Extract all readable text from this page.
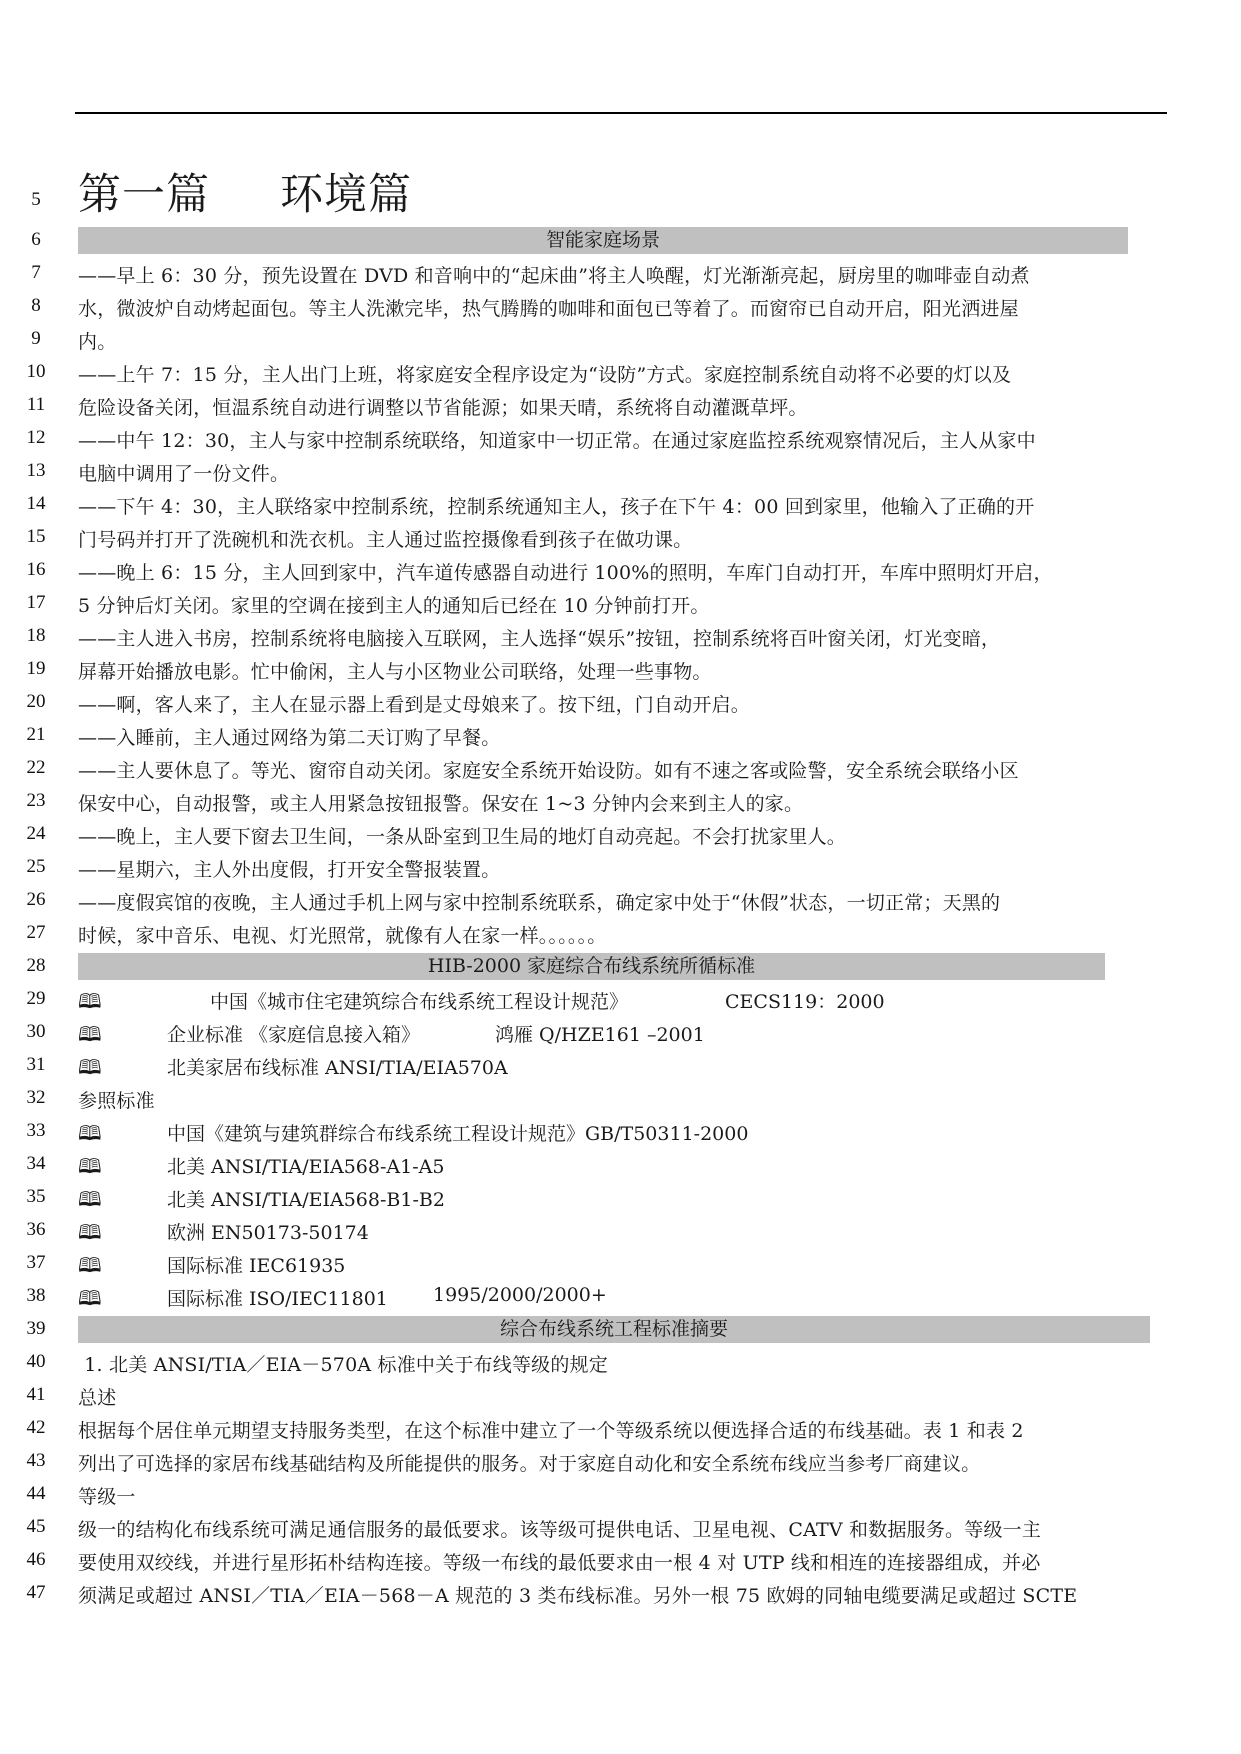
5 第一篇 环境篇
6	智能家庭场景
7	——早上 6：30 分，预先设置在 DVD 和音响中的“起床曲”将主人唤醒，灯光渐渐亮起，厨房里的咖啡壶自动煮
8	水，微波炉自动烤起面包。等主人洗漱完毕，热气腾腾的咖啡和面包已等着了。而窗帘已自动开启，阳光洒进屋
9	内。
10	——上午 7：15 分，主人出门上班，将家庭安全程序设定为“设防”方式。家庭控制系统自动将不必要的灯以及
11	危险设备关闭，恒温系统自动进行调整以节省能源；如果天晴，系统将自动灌溉草坪。
12	——中午 12：30，主人与家中控制系统联络，知道家中一切正常。在通过家庭监控系统观察情况后，主人从家中
13	电脑中调用了一份文件。
14	——下午 4：30，主人联络家中控制系统，控制系统通知主人，孩子在下午 4：00 回到家里，他输入了正确的开
15	门号码并打开了洗碗机和洗衣机。主人通过监控摄像看到孩子在做功课。
16	——晚上 6：15 分，主人回到家中，汽车道传感器自动进行 100%的照明，车库门自动打开，车库中照明灯开启，
17	5 分钟后灯关闭。家里的空调在接到主人的通知后已经在 10 分钟前打开。
18	——主人进入书房，控制系统将电脑接入互联网，主人选择“娱乐”按钮，控制系统将百叶窗关闭，灯光变暗，
19	屏幕开始播放电影。忙中偷闲，主人与小区物业公司联络，处理一些事物。
20	——啊，客人来了，主人在显示器上看到是丈母娘来了。按下纽，门自动开启。
21	——入睡前，主人通过网络为第二天订购了早餐。
22	——主人要休息了。等光、窗帘自动关闭。家庭安全系统开始设防。如有不速之客或险警，安全系统会联络小区
23	保安中心，自动报警，或主人用紧急按钮报警。保安在 1~3 分钟内会来到主人的家。
24	——晚上，主人要下窗去卫生间，一条从卧室到卫生局的地灯自动亮起。不会打扰家里人。
25	——星期六，主人外出度假，打开安全警报装置。
26	——度假宾馆的夜晚，主人通过手机上网与家中控制系统联系，确定家中处于“休假”状态，一切正常；天黑的
27	时候，家中音乐、电视、灯光照常，就像有人在家一样。。。。。。
28	HIB-2000 家庭综合布线系统所循标准
29	🕮	中国《城市住宅建筑综合布线系统工程设计规范》	CECS119：2000
30	🕮	企业标准 《家庭信息接入箱》	鸿雁 Q/HZE161 –2001
31	🕮	北美家居布线标准 ANSI/TIA/EIA570A
32	参照标准
33	🕮	中国《建筑与建筑群综合布线系统工程设计规范》GB/T50311-2000
34	🕮	北美 ANSI/TIA/EIA568-A1-A5
35	🕮	北美 ANSI/TIA/EIA568-B1-B2
36	🕮	欧洲 EN50173-50174
37	🕮	国际标准 IEC61935
38	🕮	国际标准 ISO/IEC11801 1995/2000/2000+
39	综合布线系统工程标准摘要
40	1. 北美 ANSI/TIA／EIA－570A 标准中关于布线等级的规定
41	总述
42	根据每个居住单元期望支持服务类型，在这个标准中建立了一个等级系统以便选择合适的布线基础。表 1 和表 2
43	列出了可选择的家居布线基础结构及所能提供的服务。对于家庭自动化和安全系统布线应当参考厂商建议。
44	等级一
45	级一的结构化布线系统可满足通信服务的最低要求。该等级可提供电话、卫星电视、CATV 和数据服务。等级一主
46	要使用双绞线，并进行星形拓朴结构连接。等级一布线的最低要求由一根 4 对 UTP 线和相连的连接器组成，并必
47	须满足或超过 ANSI／TIA／EIA－568－A 规范的 3 类布线标准。另外一根 75 欧姆的同轴电缆要满足或超过 SCTE
